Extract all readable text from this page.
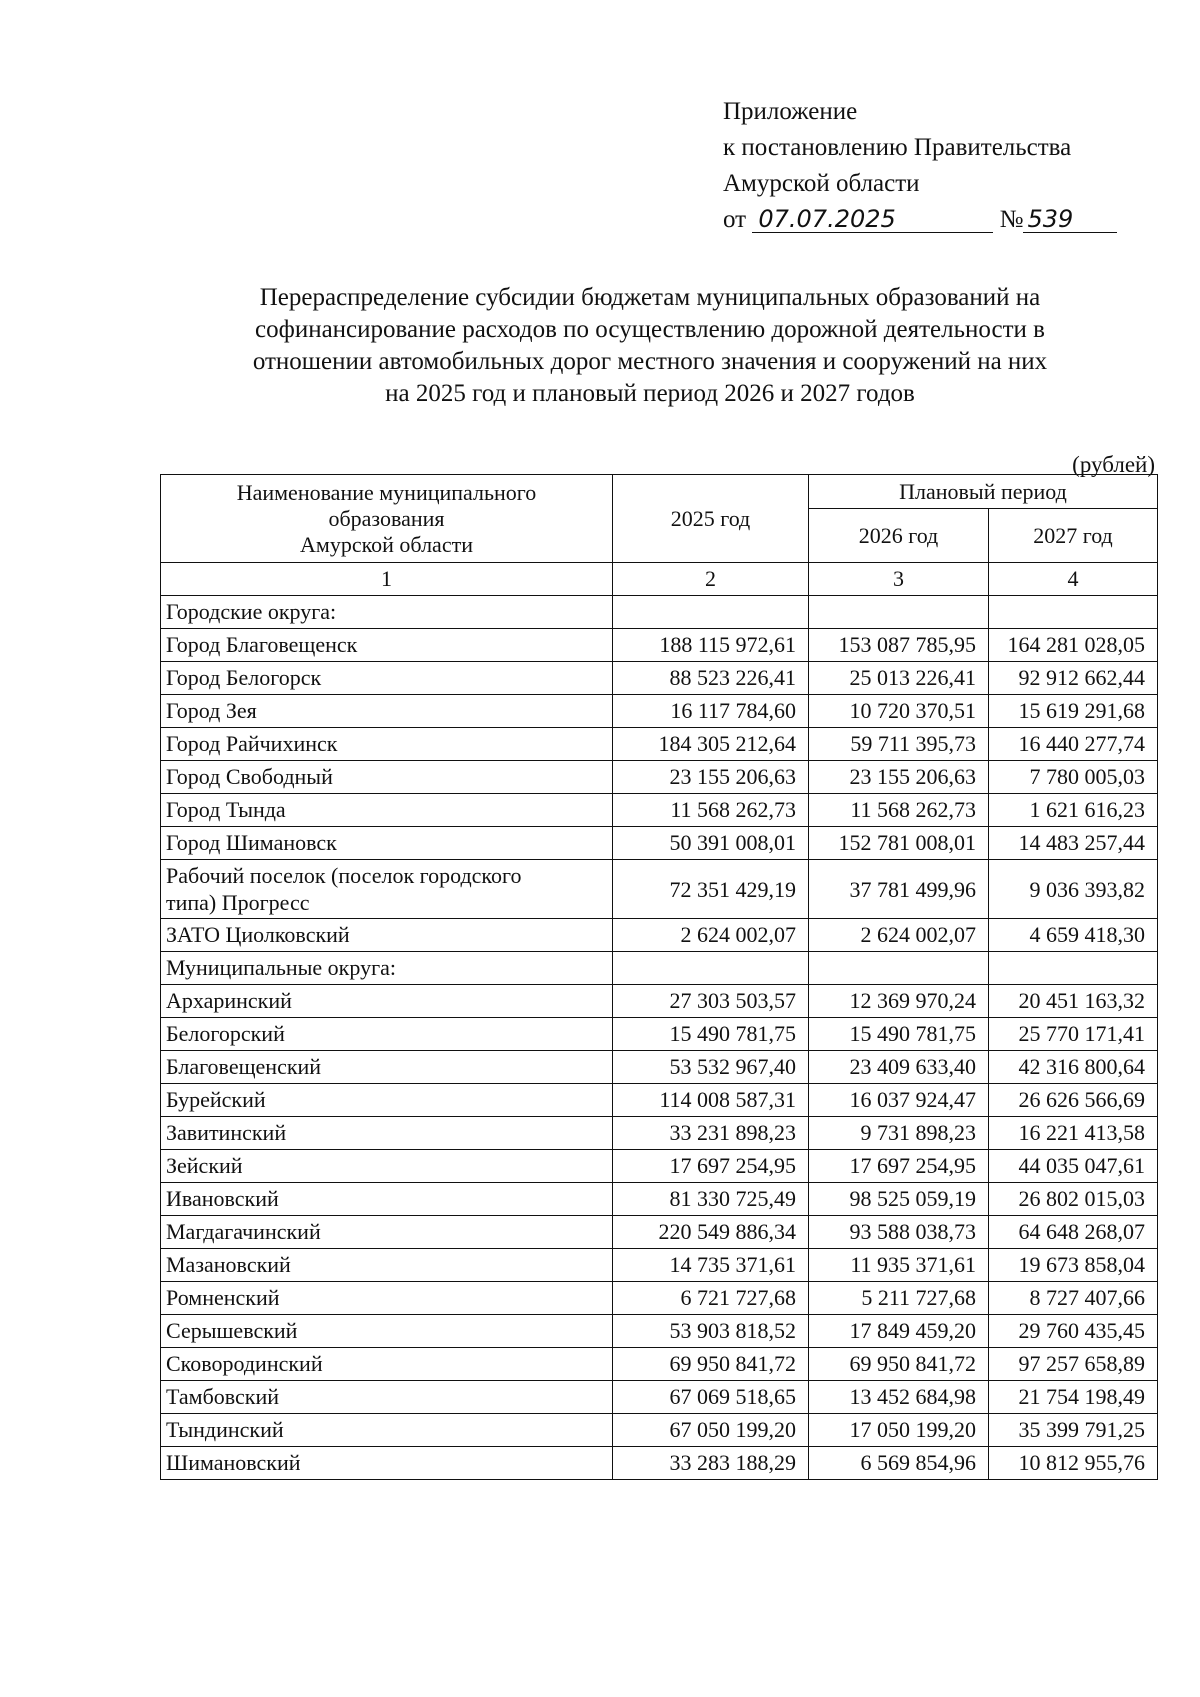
Приложение
к постановлению Правительства
Амурской области
от 07.07.2025	№ 539
Перераспределение субсидии бюджетам муниципальных образований на
софинансирование расходов по осуществлению дорожной деятельности в
отношении автомобильных дорог местного значения и сооружений на них
на 2025 год и плановый период 2026 и 2027 годов
(рублей)
Наименование муниципального
образования
Амурской области	2025 год	Плановый период	
		2026 год	2027 год
1	2	3	4
Городские округа:			
Город Благовещенск	188 115 972,61	153 087 785,95	164 281 028,05
Город Белогорск	88 523 226,41	25 013 226,41	92 912 662,44
Город Зея	16 117 784,60	10 720 370,51	15 619 291,68
Город Райчихинск	184 305 212,64	59 711 395,73	16 440 277,74
Город Свободный	23 155 206,63	23 155 206,63	7 780 005,03
Город Тында	11 568 262,73	11 568 262,73	1 621 616,23
Город Шимановск	50 391 008,01	152 781 008,01	14 483 257,44

Рабочий поселок (поселок городского
типа) Прогресс	72 351 429,19	37 781 499,96	9 036 393,82
ЗАТО Циолковский	2 624 002,07	2 624 002,07	4 659 418,30
Муниципальные округа:			
Архаринский	27 303 503,57	12 369 970,24	20 451 163,32
Белогорский	15 490 781,75	15 490 781,75	25 770 171,41
Благовещенский	53 532 967,40	23 409 633,40	42 316 800,64
Бурейский	114 008 587,31	16 037 924,47	26 626 566,69
Завитинский	33 231 898,23	9 731 898,23	16 221 413,58
Зейский	17 697 254,95	17 697 254,95	44 035 047,61
Ивановский	81 330 725,49	98 525 059,19	26 802 015,03
Магдагачинский	220 549 886,34	93 588 038,73	64 648 268,07
Мазановский	14 735 371,61	11 935 371,61	19 673 858,04
Ромненский	6 721 727,68	5 211 727,68	8 727 407,66
Серышевский	53 903 818,52	17 849 459,20	29 760 435,45
Сковородинский	69 950 841,72	69 950 841,72	97 257 658,89
Тамбовский	67 069 518,65	13 452 684,98	21 754 198,49
Тындинский	67 050 199,20	17 050 199,20	35 399 791,25
Шимановский	33 283 188,29	6 569 854,96	10 812 955,76
